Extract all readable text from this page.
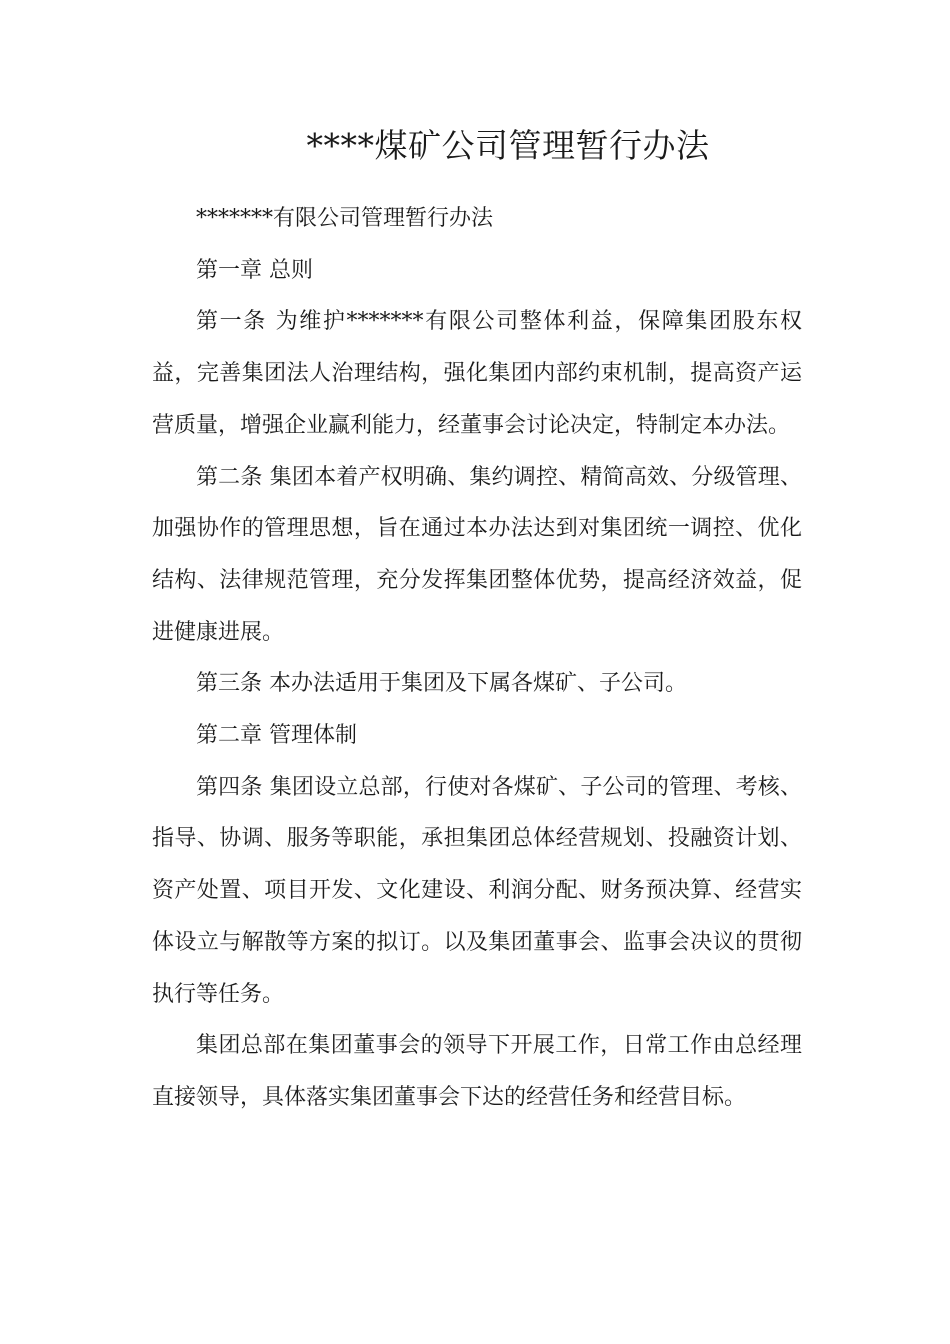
****煤矿公司管理暂行办法

*******有限公司管理暂行办法

第一章 总则

第一条 为维护*******有限公司整体利益，保障集团股东权益，完善集团法人治理结构，强化集团内部约束机制，提高资产运营质量，增强企业赢利能力，经董事会讨论决定，特制定本办法。

第二条 集团本着产权明确、集约调控、精简高效、分级管理、加强协作的管理思想，旨在通过本办法达到对集团统一调控、优化结构、法律规范管理，充分发挥集团整体优势，提高经济效益，促进健康进展。

第三条 本办法适用于集团及下属各煤矿、子公司。

第二章 管理体制

第四条 集团设立总部，行使对各煤矿、子公司的管理、考核、指导、协调、服务等职能，承担集团总体经营规划、投融资计划、资产处置、项目开发、文化建设、利润分配、财务预决算、经营实体设立与解散等方案的拟订。以及集团董事会、监事会决议的贯彻执行等任务。

集团总部在集团董事会的领导下开展工作，日常工作由总经理直接领导，具体落实集团董事会下达的经营任务和经营目标。
